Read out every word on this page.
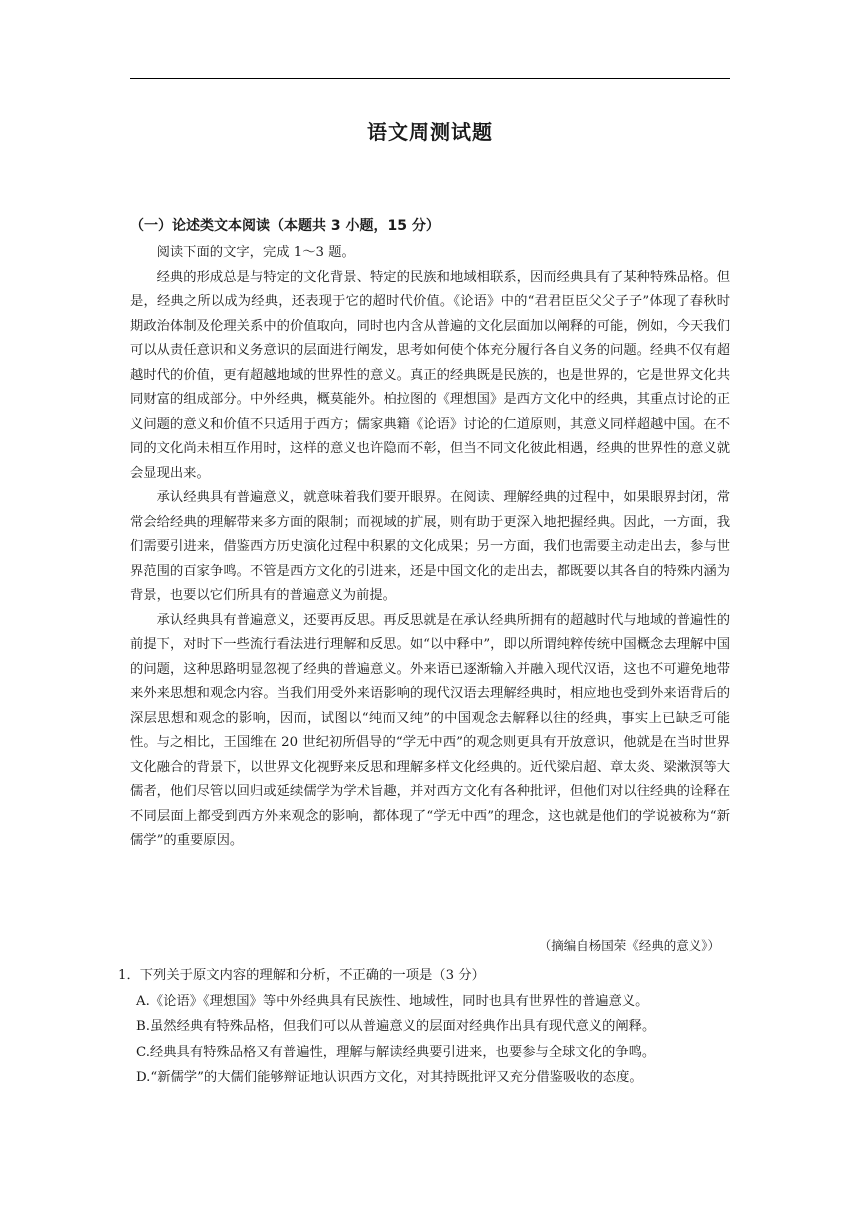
语文周测试题
（一）论述类文本阅读（本题共 3 小题，15 分）

阅读下面的文字，完成 1～3 题。

经典的形成总是与特定的文化背景、特定的民族和地域相联系，因而经典具有了某种特殊品格。但是，经典之所以成为经典，还表现于它的超时代价值。《论语》中的“君君臣臣父父子子”体现了春秋时期政治体制及伦理关系中的价值取向，同时也内含从普遍的文化层面加以阐释的可能，例如，今天我们可以从责任意识和义务意识的层面进行阐发，思考如何使个体充分履行各自义务的问题。经典不仅有超越时代的价值，更有超越地域的世界性的意义。真正的经典既是民族的，也是世界的，它是世界文化共同财富的组成部分。中外经典，概莫能外。柏拉图的《理想国》是西方文化中的经典，其重点讨论的正义问题的意义和价值不只适用于西方；儒家典籍《论语》讨论的仁道原则，其意义同样超越中国。在不同的文化尚未相互作用时，这样的意义也许隐而不彰，但当不同文化彼此相遇，经典的世界性的意义就会显现出来。

承认经典具有普遍意义，就意味着我们要开眼界。在阅读、理解经典的过程中，如果眼界封闭，常常会给经典的理解带来多方面的限制；而视域的扩展，则有助于更深入地把握经典。因此，一方面，我们需要引进来，借鉴西方历史演化过程中积累的文化成果；另一方面，我们也需要主动走出去，参与世界范围的百家争鸣。不管是西方文化的引进来，还是中国文化的走出去，都既要以其各自的特殊内涵为背景，也要以它们所具有的普遍意义为前提。

承认经典具有普遍意义，还要再反思。再反思就是在承认经典所拥有的超越时代与地域的普遍性的前提下，对时下一些流行看法进行理解和反思。如“以中释中”，即以所谓纯粹传统中国概念去理解中国的问题，这种思路明显忽视了经典的普遍意义。外来语已逐渐输入并融入现代汉语，这也不可避免地带来外来思想和观念内容。当我们用受外来语影响的现代汉语去理解经典时，相应地也受到外来语背后的深层思想和观念的影响，因而，试图以“纯而又纯”的中国观念去解释以往的经典，事实上已缺乏可能性。与之相比，王国维在 20 世纪初所倡导的“学无中西”的观念则更具有开放意识，他就是在当时世界文化融合的背景下，以世界文化视野来反思和理解多样文化经典的。近代梁启超、章太炎、梁漱溟等大儒者，他们尽管以回归或延续儒学为学术旨趣，并对西方文化有各种批评，但他们对以往经典的诠释在不同层面上都受到西方外来观念的影响，都体现了“学无中西”的理念，这也就是他们的学说被称为“新儒学”的重要原因。

（摘编自杨国荣《经典的意义》）

1．下列关于原文内容的理解和分析，不正确的一项是（3 分）

A.《论语》《理想国》等中外经典具有民族性、地域性，同时也具有世界性的普遍意义。

B.虽然经典有特殊品格，但我们可以从普遍意义的层面对经典作出具有现代意义的阐释。

C.经典具有特殊品格又有普遍性，理解与解读经典要引进来，也要参与全球文化的争鸣。

D.“新儒学”的大儒们能够辩证地认识西方文化，对其持既批评又充分借鉴吸收的态度。
